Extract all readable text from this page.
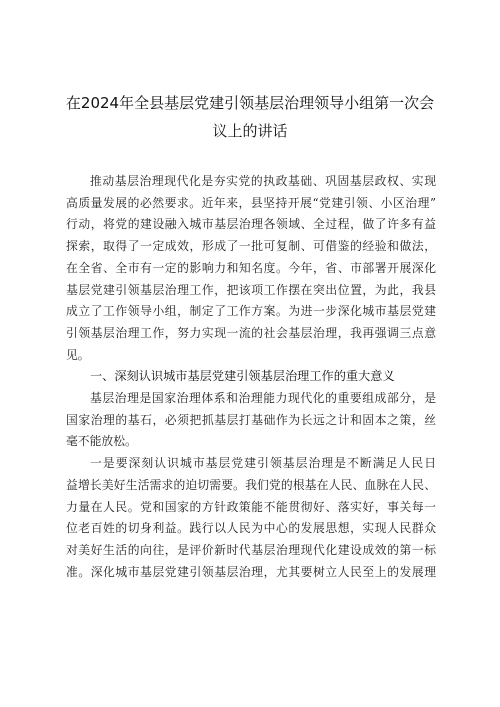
在2024年全县基层党建引领基层治理领导小组第一次会
议上的讲话
推动基层治理现代化是夯实党的执政基础、巩固基层政权、实现
高质量发展的必然要求。近年来，县坚持开展“党建引领、小区治理”
行动，将党的建设融入城市基层治理各领域、全过程，做了许多有益
探索，取得了一定成效，形成了一批可复制、可借鉴的经验和做法，
在全省、全市有一定的影响力和知名度。今年，省、市部署开展深化
基层党建引领基层治理工作，把该项工作摆在突出位置，为此，我县
成立了工作领导小组，制定了工作方案。为进一步深化城市基层党建
引领基层治理工作，努力实现一流的社会基层治理，我再强调三点意
见。
一、深刻认识城市基层党建引领基层治理工作的重大意义
基层治理是国家治理体系和治理能力现代化的重要组成部分，是
国家治理的基石，必须把抓基层打基础作为长远之计和固本之策，丝
毫不能放松。
一是要深刻认识城市基层党建引领基层治理是不断满足人民日
益增长美好生活需求的迫切需要。我们党的根基在人民、血脉在人民、
力量在人民。党和国家的方针政策能不能贯彻好、落实好，事关每一
位老百姓的切身利益。践行以人民为中心的发展思想，实现人民群众
对美好生活的向往，是评价新时代基层治理现代化建设成效的第一标
准。深化城市基层党建引领基层治理，尤其要树立人民至上的发展理
